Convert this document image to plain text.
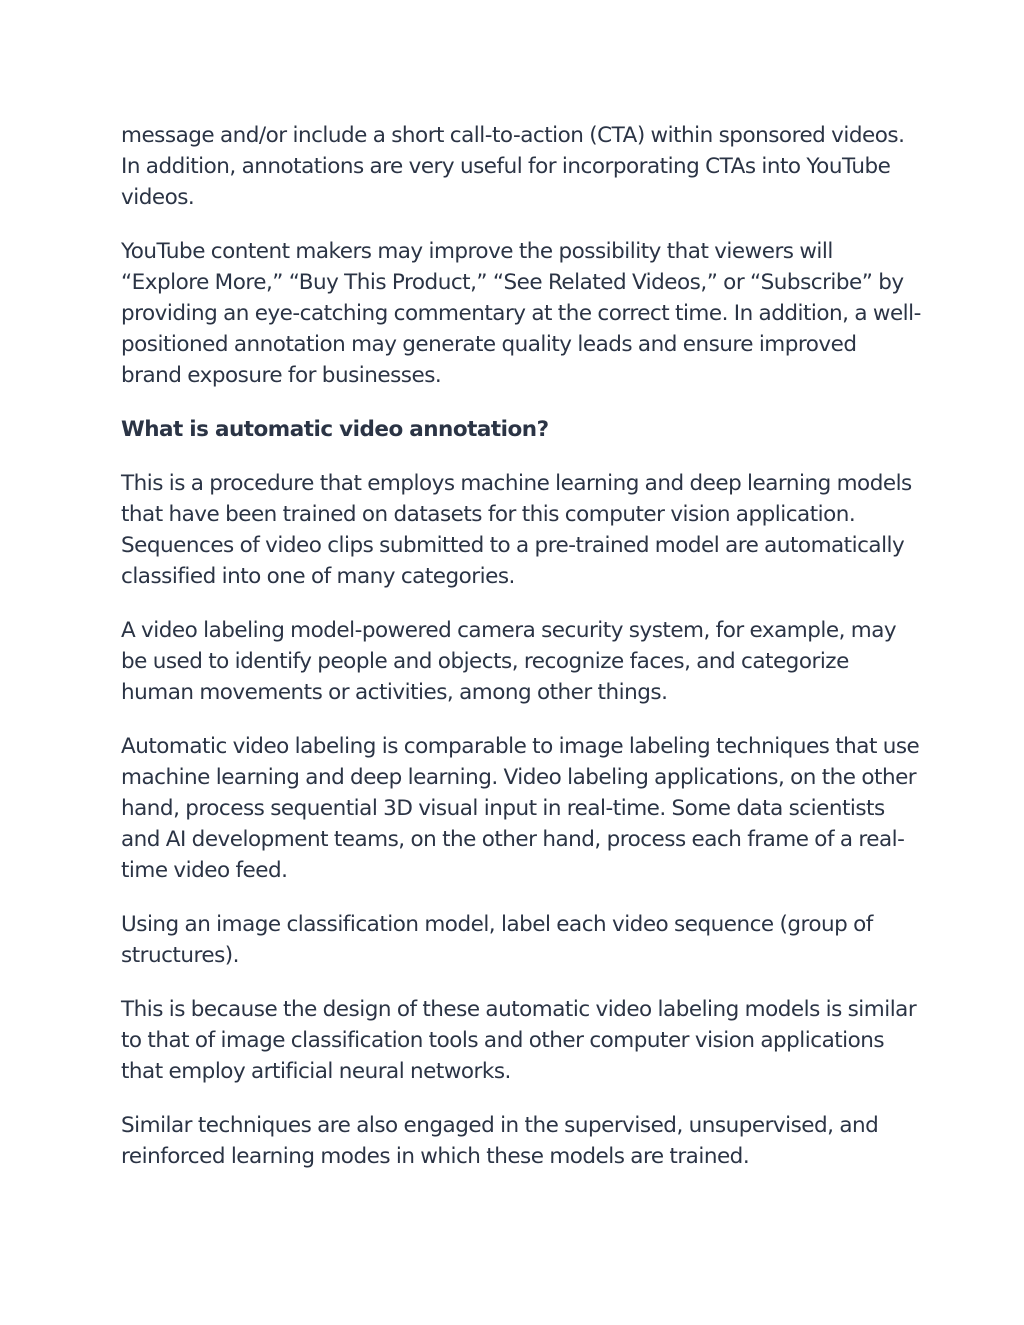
message and/or include a short call-to-action (CTA) within sponsored videos. In addition, annotations are very useful for incorporating CTAs into YouTube videos.

YouTube content makers may improve the possibility that viewers will “Explore More,” “Buy This Product,” “See Related Videos,” or “Subscribe” by providing an eye-catching commentary at the correct time. In addition, a well-positioned annotation may generate quality leads and ensure improved brand exposure for businesses.

What is automatic video annotation?

This is a procedure that employs machine learning and deep learning models that have been trained on datasets for this computer vision application. Sequences of video clips submitted to a pre-trained model are automatically classified into one of many categories.

A video labeling model-powered camera security system, for example, may be used to identify people and objects, recognize faces, and categorize human movements or activities, among other things.

Automatic video labeling is comparable to image labeling techniques that use machine learning and deep learning. Video labeling applications, on the other hand, process sequential 3D visual input in real-time. Some data scientists and AI development teams, on the other hand, process each frame of a real-time video feed.

Using an image classification model, label each video sequence (group of structures).

This is because the design of these automatic video labeling models is similar to that of image classification tools and other computer vision applications that employ artificial neural networks.

Similar techniques are also engaged in the supervised, unsupervised, and reinforced learning modes in which these models are trained.
